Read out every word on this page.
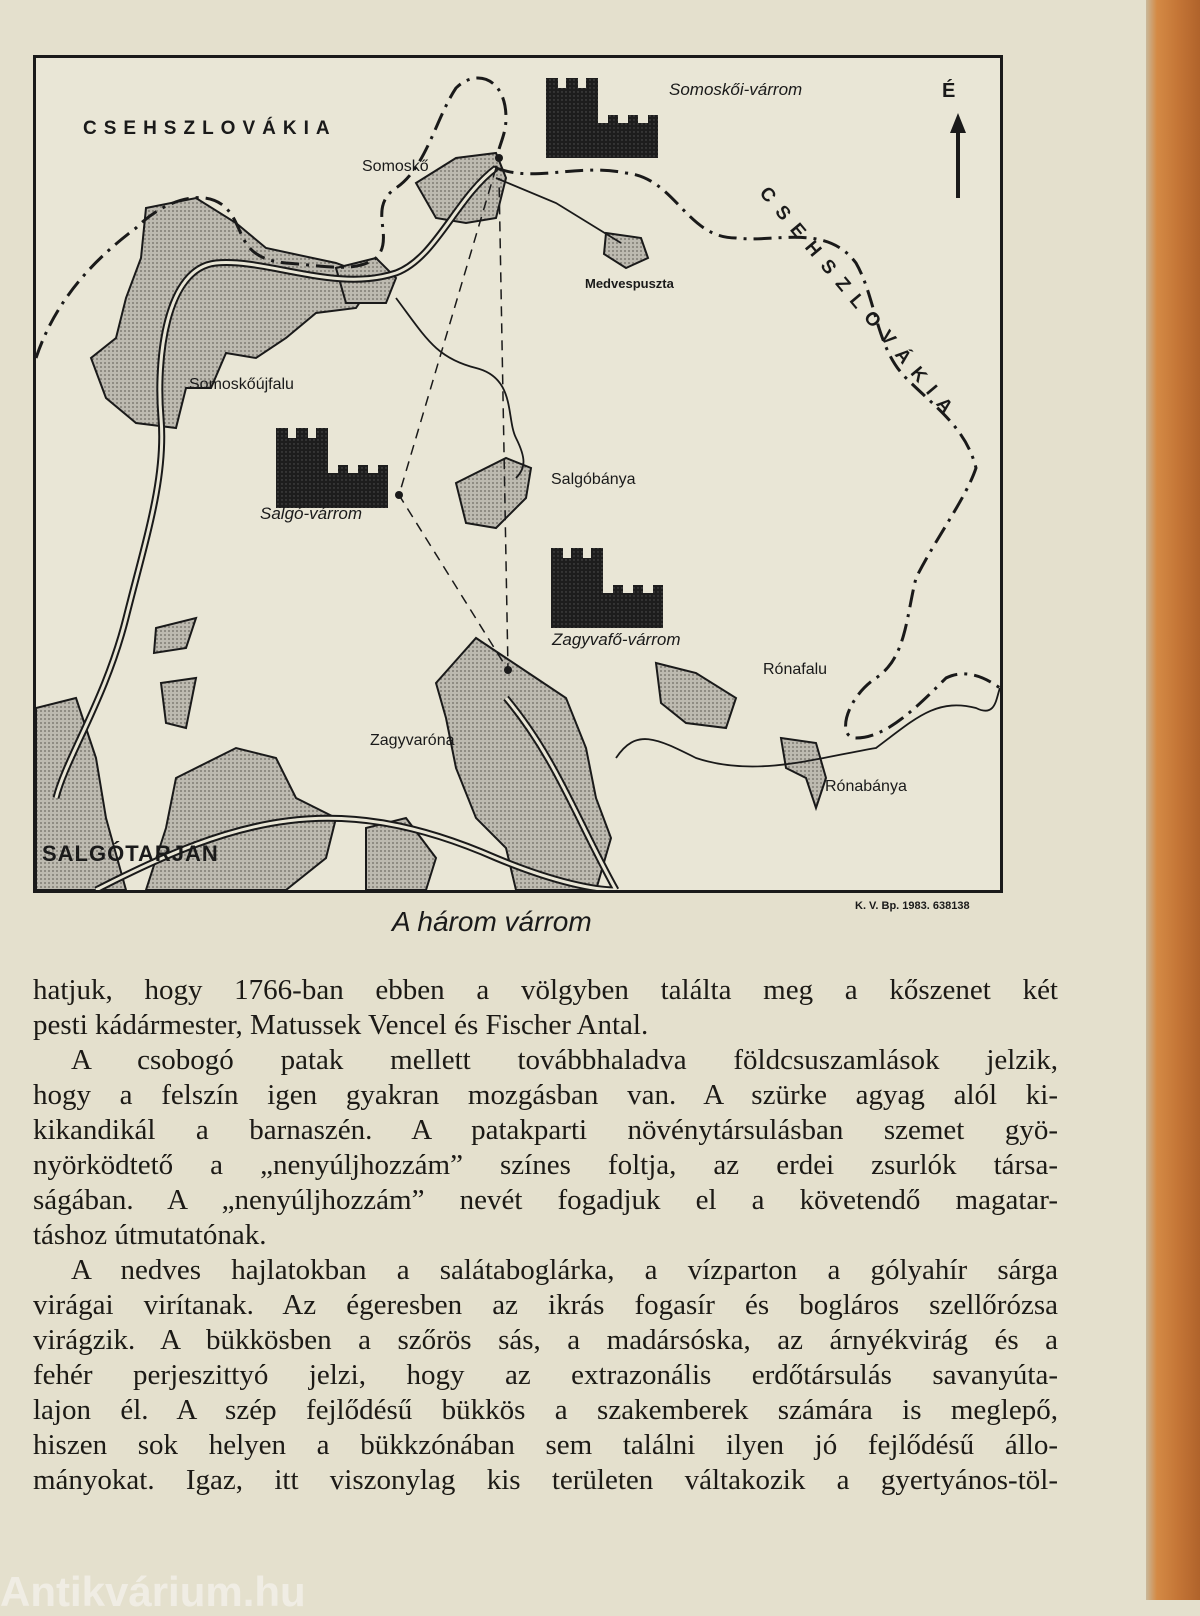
CSEHSZLOVÁKIA
CSEHSZLOVÁKIA
É
Somoskő
Somoskői-várrom
Medvespuszta
Somoskőújfalu
Salgó-várrom
Salgóbánya
Zagyvafő-várrom
Rónafalu
Zagyvaróna
Rónabánya
SALGÓTARJÁN
K. V. Bp. 1983. 638138
A három várrom
hatjuk, hogy 1766-ban ebben a völgyben találta meg a kőszenet két
pesti kádármester, Matussek Vencel és Fischer Antal.
A csobogó patak mellett továbbhaladva földcsuszamlások jelzik,
hogy a felszín igen gyakran mozgásban van. A szürke agyag alól ki-
kikandikál a barnaszén. A patakparti növénytársulásban szemet gyö-
nyörködtető a „nenyúljhozzám” színes foltja, az erdei zsurlók társa-
ságában. A „nenyúljhozzám” nevét fogadjuk el a követendő magatar-
táshoz útmutatónak.
A nedves hajlatokban a salátaboglárka, a vízparton a gólyahír sárga
virágai virítanak. Az égeresben az ikrás fogasír és bogláros szellőrózsa
virágzik. A bükkösben a szőrös sás, a madársóska, az árnyékvirág és a
fehér perjeszittyó jelzi, hogy az extrazonális erdőtársulás savanyúta-
lajon él. A szép fejlődésű bükkös a szakemberek számára is meglepő,
hiszen sok helyen a bükkzónában sem találni ilyen jó fejlődésű állo-
mányokat. Igaz, itt viszonylag kis területen váltakozik a gyertyános-töl-
Antikvárium.hu
